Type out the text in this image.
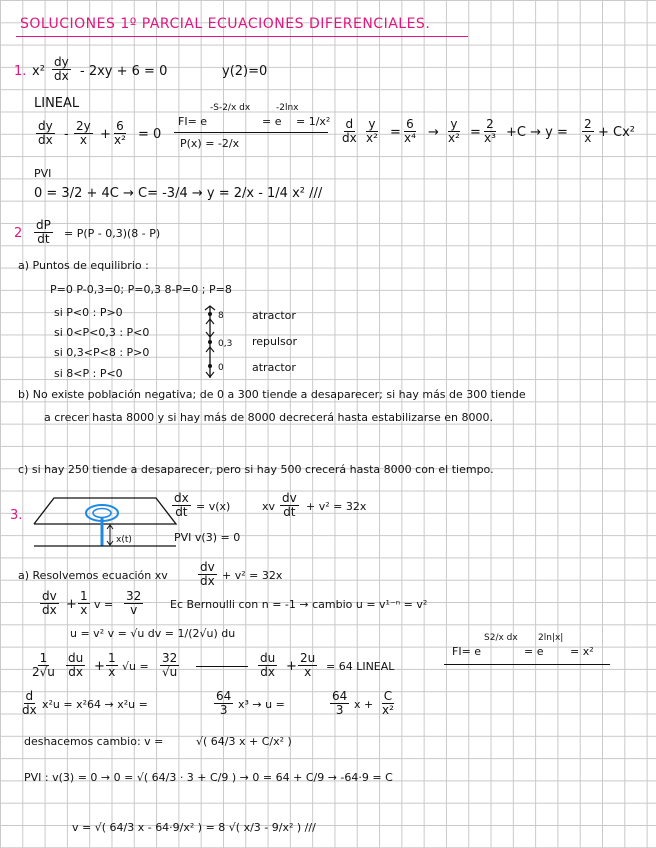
SOLUCIONES 1º PARCIAL ECUACIONES DIFERENCIALES.
1. $x^2 \frac{dy}{dx} - 2xy + 6 = 0$	y(2)=0
LINEAL
$\frac{dy}{dx} - \frac{2y}{x} + \frac{6}{\text{x²}} = 0$
FI= e
-S-2/x dx
= e
-2lnx
= 1/x²
P(x) = -2/x	$\frac{d}{dx} \frac{y}{\text{x²}} = \frac{6}{\text{x⁴}} \to \frac{y}{\text{x²}} = \frac{2}{\text{x³}} +C \to y = \frac{2}{x} + Cx^2$
PVI
0 = 3/2 + 4C → C= -3/4 → y = 2/x - 1/4 x² ///
$2 \frac{dP}{dt} = P(P - 0,3)(8 - P)$
a) Puntos de equilibrio :
P=0 P-0,3=0; P=0,3 8-P=0 ; P=8
si P<0 : P>0
si 0<P<0,3 : P<0
si 0,3<P<8 : P>0
si 8<P : P<0
8
0,3
0
atractor
repulsor
atractor
b) No existe población negativa; de 0 a 300 tiende a desaparecer; si hay más de 300 tiende
a crecer hasta 8000 y si hay más de 8000 decrecerá hasta estabilizarse en 8000.
c) si hay 250 tiende a desaparecer, pero si hay 500 crecerá hasta 8000 con el tiempo.
3.
x(t)
$\frac{dx}{dt} = v(x)$	xv $\frac{dv}{dt} + v^2 = 32x$
PVI v(3) = 0
a) Resolvemos ecuación xv	$\frac{dv}{dx} + v^2 = 32x$
$\frac{dv}{dx} + \frac{1}{x}$ $v = \frac{32}{v}$ Ec Bernoulli con n = -1 → cambio u = v¹⁻ⁿ = v²
u = v² v = √u dv = 1/(2√u) du
$\frac{1}{2√u} \frac{du}{dx} + \frac{1}{x} √u = \frac{32}{√u}$	$\frac{du}{dx} + \frac{2u}{x} = 64$ LINEAL
FI= e
S2/x dx
= e
2ln|x|
= x²
$\frac{d}{dx} x^2u = x^264 \to x^2u$ =	$\frac{64}{3} x^3 \to u$ =	$\frac{64}{3}$ $x + \frac{C}{\text{x²}}$
deshacemos cambio: v =	√( 64/3 x + C/x² )
PVI : v(3) = 0 → 0 = √( 64/3 · 3 + C/9 ) → 0 = 64 + C/9 → -64·9 = C
v = √( 64/3 x - 64·9/x² ) = 8 √( x/3 - 9/x² ) ///
